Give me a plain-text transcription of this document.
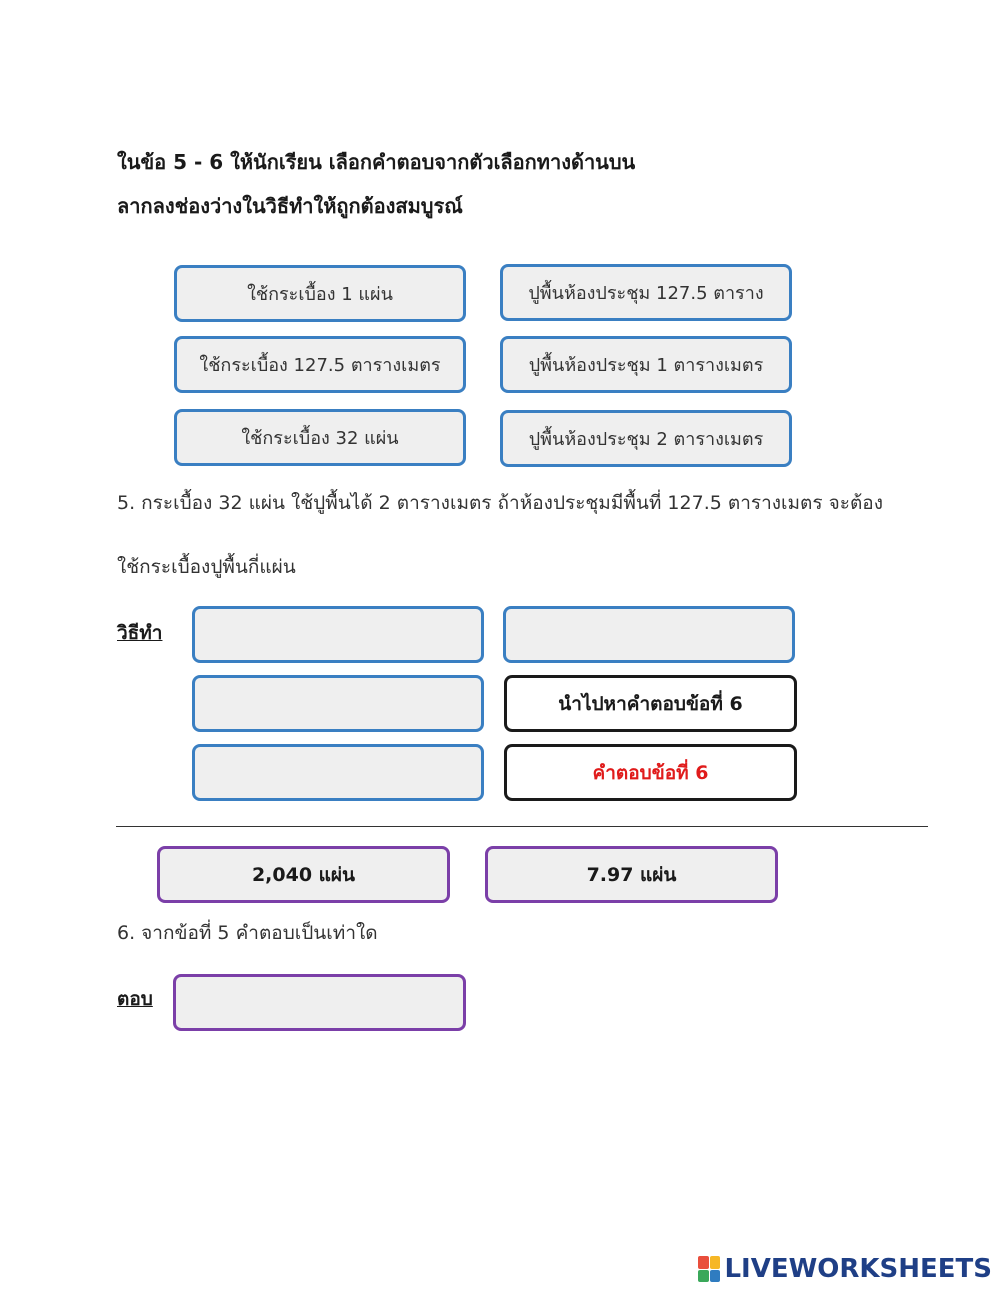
ในข้อ 5 - 6 ให้นักเรียน เลือกคำตอบจากตัวเลือกทางด้านบน
ลากลงช่องว่างในวิธีทำให้ถูกต้องสมบูรณ์
ใช้กระเบื้อง 1 แผ่น	ปูพื้นห้องประชุม 127.5 ตาราง
ใช้กระเบื้อง 127.5 ตารางเมตร	ปูพื้นห้องประชุม 1 ตารางเมตร
ใช้กระเบื้อง 32 แผ่น	ปูพื้นห้องประชุม 2 ตารางเมตร
5. กระเบื้อง 32 แผ่น ใช้ปูพื้นได้ 2 ตารางเมตร ถ้าห้องประชุมมีพื้นที่ 127.5 ตารางเมตร จะต้อง
ใช้กระเบื้องปูพื้นกี่แผ่น
วิธีทำ
นำไปหาคำตอบข้อที่ 6
คำตอบข้อที่ 6
2,040 แผ่น	7.97 แผ่น
6. จากข้อที่ 5 คำตอบเป็นเท่าใด
ตอบ
LIVEWORKSHEETS
